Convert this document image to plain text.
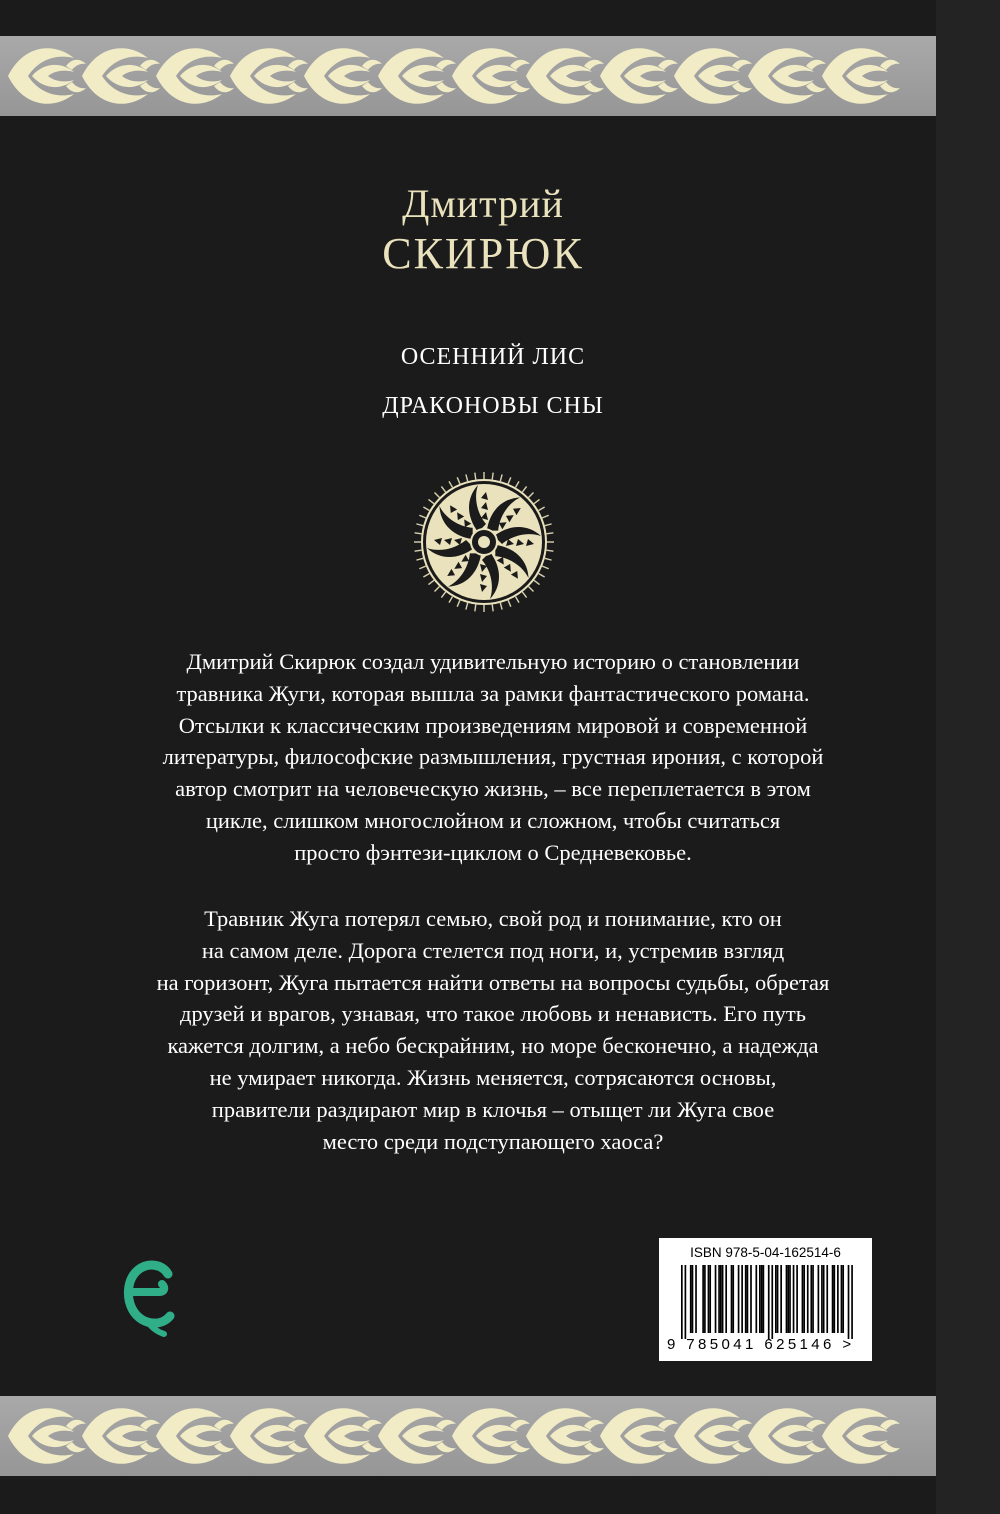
Дмитрий
СКИРЮК
ОСЕННИЙ ЛИС
ДРАКОНОВЫ СНЫ
Дмитрий Скирюк создал удивительную историю о становлении
травника Жуги, которая вышла за рамки фантастического романа.
Отсылки к классическим произведениям мировой и современной
литературы, философские размышления, грустная ирония, с которой
автор смотрит на человеческую жизнь, – все переплетается в этом
цикле, слишком многослойном и сложном, чтобы считаться
просто фэнтези-циклом о Средневековье.
Травник Жуга потерял семью, свой род и понимание, кто он
на самом деле. Дорога стелется под ноги, и, устремив взгляд
на горизонт, Жуга пытается найти ответы на вопросы судьбы, обретая
друзей и врагов, узнавая, что такое любовь и ненависть. Его путь
кажется долгим, а небо бескрайним, но море бесконечно, а надежда
не умирает никогда. Жизнь меняется, сотрясаются основы,
правители раздирают мир в клочья – отыщет ли Жуга свое
место среди подступающего хаоса?
ISBN 978-5-04-162514-6
9 785041 625146 >
